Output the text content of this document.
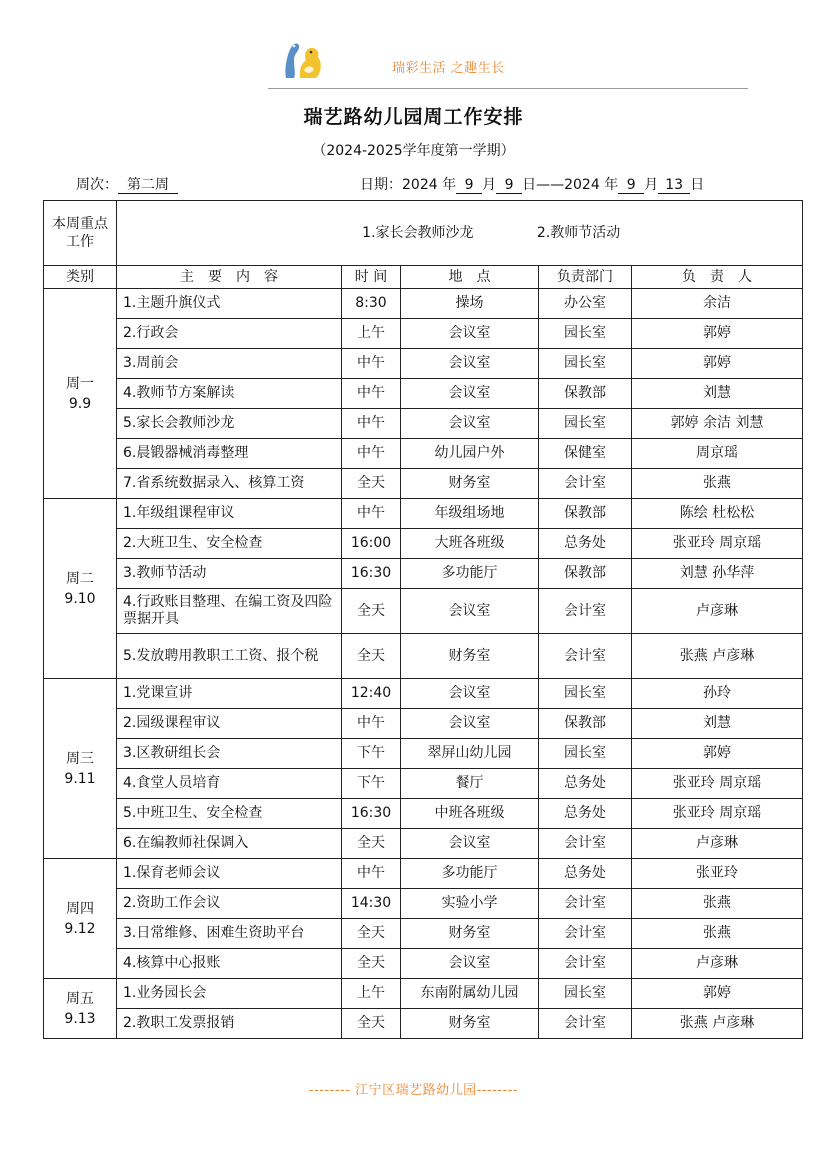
瑞彩生活 之趣生长
瑞艺路幼儿园周工作安排
（2024-2025学年度第一学期）
周次： 第二周	日期：2024 年 9 月 9 日——2024 年 9 月 13 日
本周重点工作	1.家长会教师沙龙 2.教师节活动				
类别	主　要　内　容	时 间	地　点	负责部门	负　责　人

周一
9.9	1.主题升旗仪式	8:30	操场	办公室	余洁
	2.行政会	上午	会议室	园长室	郭婷
	3.周前会	中午	会议室	园长室	郭婷
	4.教师节方案解读	中午	会议室	保教部	刘慧
	5.家长会教师沙龙	中午	会议室	园长室	郭婷 余洁 刘慧
	6.晨锻器械消毒整理	中午	幼儿园户外	保健室	周京瑶
	7.省系统数据录入、核算工资	全天	财务室	会计室	张燕

周二
9.10	1.年级组课程审议	中午	年级组场地	保教部	陈绘 杜松松
	2.大班卫生、安全检查	16:00	大班各班级	总务处	张亚玲 周京瑶
	3.教师节活动	16:30	多功能厅	保教部	刘慧 孙华萍
	4.行政账目整理、在编工资及四险票据开具	全天	会议室	会计室	卢彦琳
	5.发放聘用教职工工资、报个税	全天	财务室	会计室	张燕 卢彦琳

周三
9.11	1.党课宣讲	12:40	会议室	园长室	孙玲
	2.园级课程审议	中午	会议室	保教部	刘慧
	3.区教研组长会	下午	翠屏山幼儿园	园长室	郭婷
	4.食堂人员培育	下午	餐厅	总务处	张亚玲 周京瑶
	5.中班卫生、安全检查	16:30	中班各班级	总务处	张亚玲 周京瑶
	6.在编教师社保调入	全天	会议室	会计室	卢彦琳

周四
9.12	1.保育老师会议	中午	多功能厅	总务处	张亚玲
	2.资助工作会议	14:30	实验小学	会计室	张燕
	3.日常维修、困难生资助平台	全天	财务室	会计室	张燕
	4.核算中心报账	全天	会议室	会计室	卢彦琳

周五
9.13	1.业务园长会	上午	东南附属幼儿园	园长室	郭婷
	2.教职工发票报销	全天	财务室	会计室	张燕 卢彦琳
-------- 江宁区瑞艺路幼儿园--------
